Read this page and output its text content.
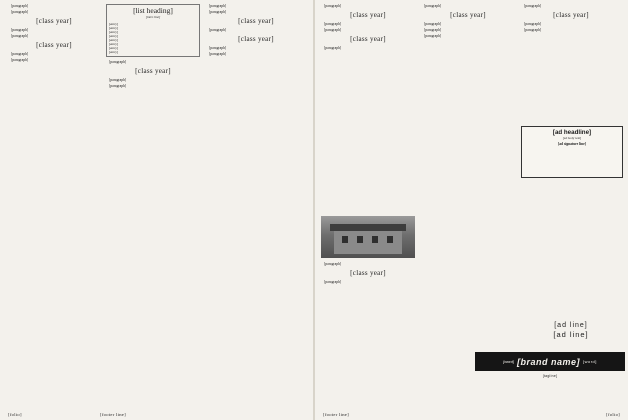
[paragraph]

[paragraph]

[class year]

[paragraph]

[paragraph]

[class year]

[paragraph]

[paragraph]

[list heading]
[intro line]
[entry]
[entry]
[entry]
[entry]
[entry]
[entry]
[entry]
[entry]

[paragraph]

[class year]

[paragraph]

[paragraph]

[paragraph]

[paragraph]

[class year]

[paragraph]

[class year]

[paragraph]

[paragraph]

[folio]	[footer line]

[paragraph]

[class year]

[paragraph]

[paragraph]

[class year]

[paragraph]

[paragraph]

[class year]

[paragraph]

[paragraph]

[class year]

[paragraph]

[paragraph]

[paragraph]

[paragraph]

[class year]

[paragraph]

[paragraph]

[ad headline]
[ad body text]
[ad signature line]
[ad line]
[ad line]
[word] [brand name] [word]
[tagline]
[footer line]	[folio]
